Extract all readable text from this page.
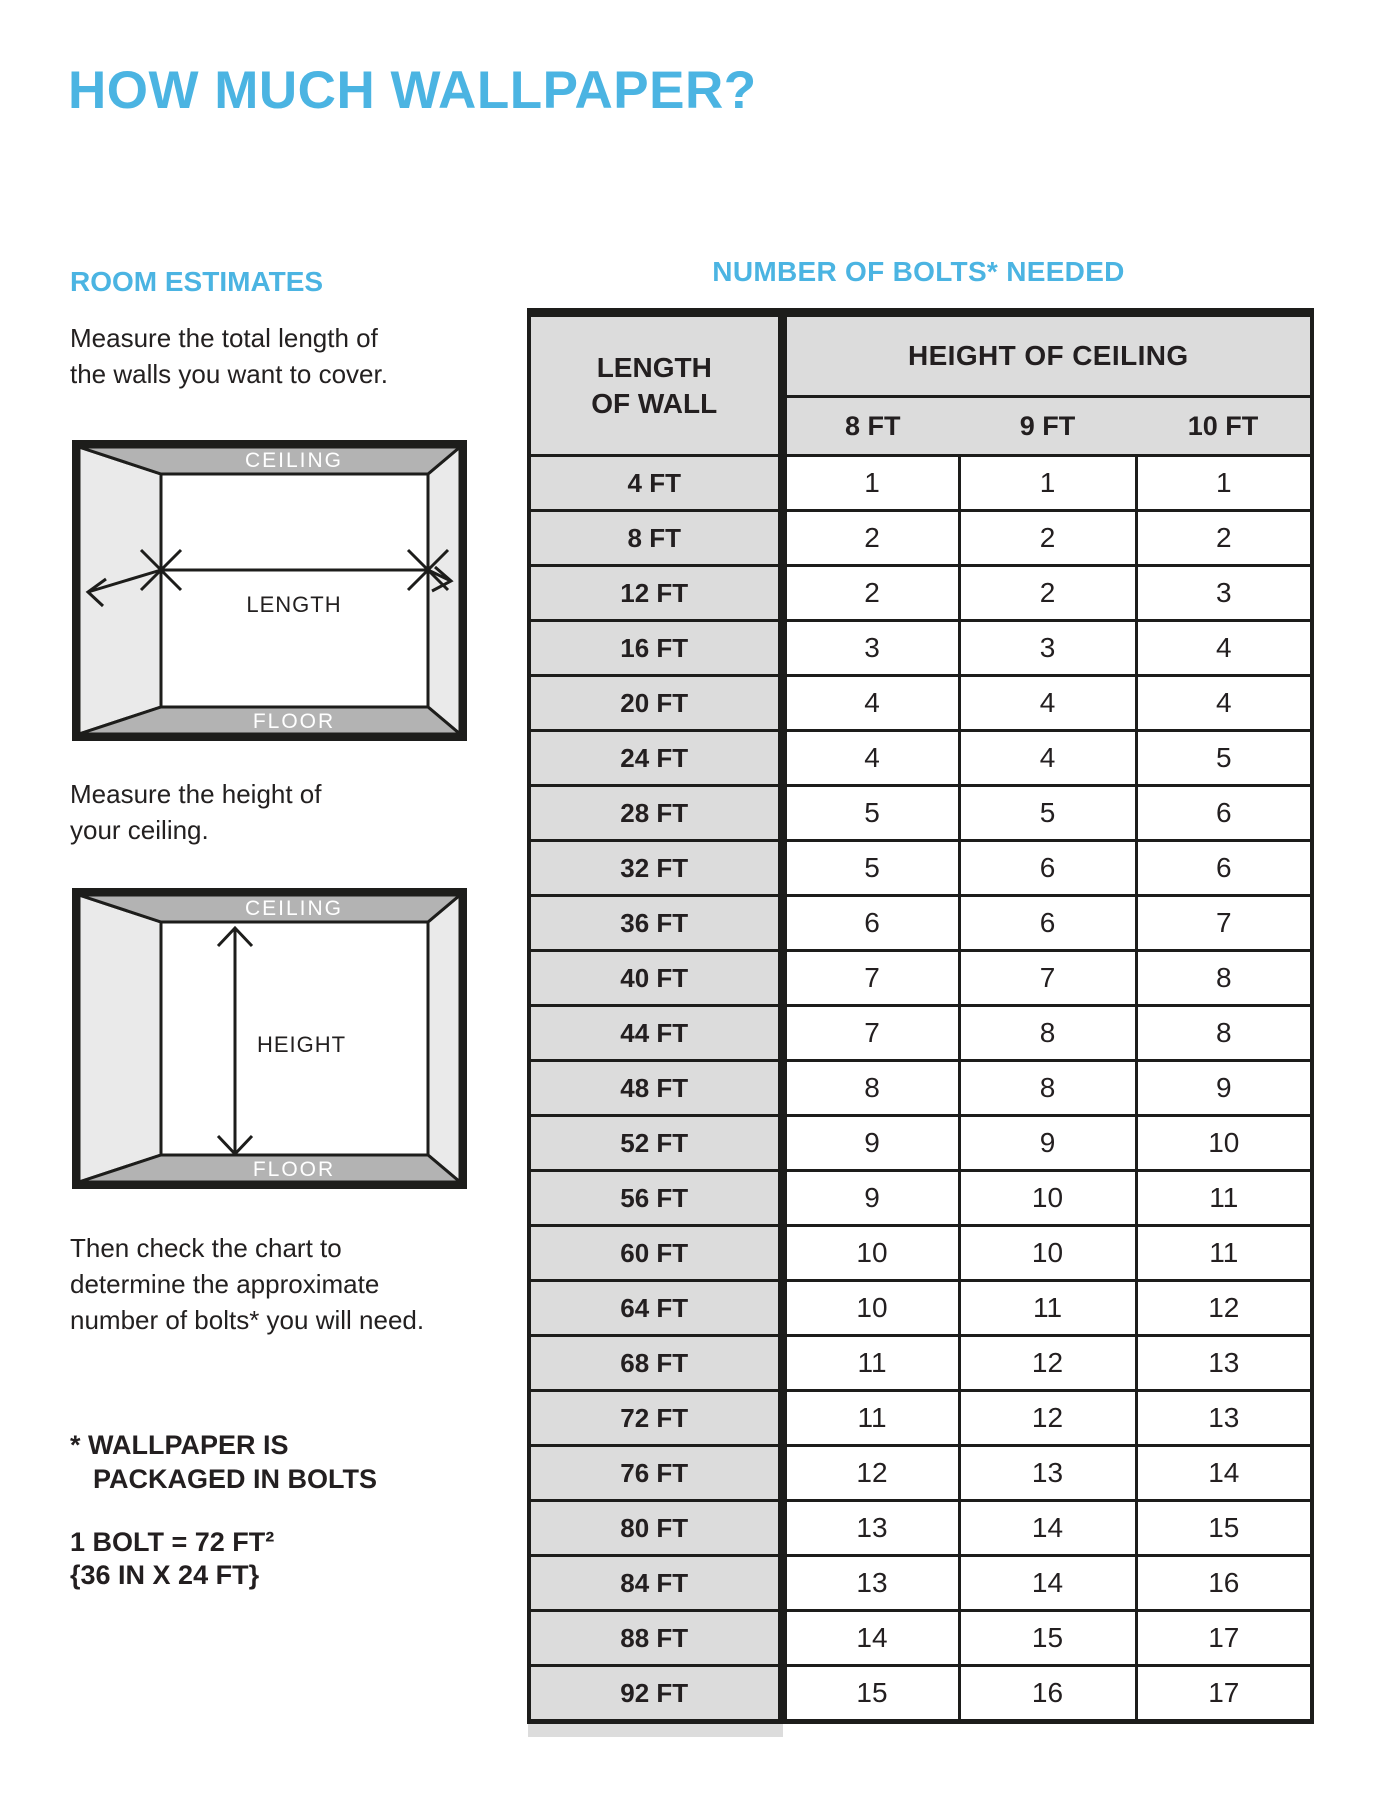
HOW MUCH WALLPAPER?
ROOM ESTIMATES
Measure the total length of
the walls you want to cover.
CEILING
FLOOR
LENGTH
Measure the height of
your ceiling.
CEILING
FLOOR
HEIGHT
Then check the chart to
determine the approximate
number of bolts* you will need.
* WALLPAPER IS
PACKAGED IN BOLTS
1 BOLT = 72 FT²
{36 IN X 24 FT}
NUMBER OF BOLTS* NEEDED
LENGTH
OF WALL	HEIGHT OF CEILING		
	8 FT	9 FT	10 FT
4 FT	1	1	1
8 FT	2	2	2
12 FT	2	2	3
16 FT	3	3	4
20 FT	4	4	4
24 FT	4	4	5
28 FT	5	5	6
32 FT	5	6	6
36 FT	6	6	7
40 FT	7	7	8
44 FT	7	8	8
48 FT	8	8	9
52 FT	9	9	10
56 FT	9	10	11
60 FT	10	10	11
64 FT	10	11	12
68 FT	11	12	13
72 FT	11	12	13
76 FT	12	13	14
80 FT	13	14	15
84 FT	13	14	16
88 FT	14	15	17
92 FT	15	16	17
